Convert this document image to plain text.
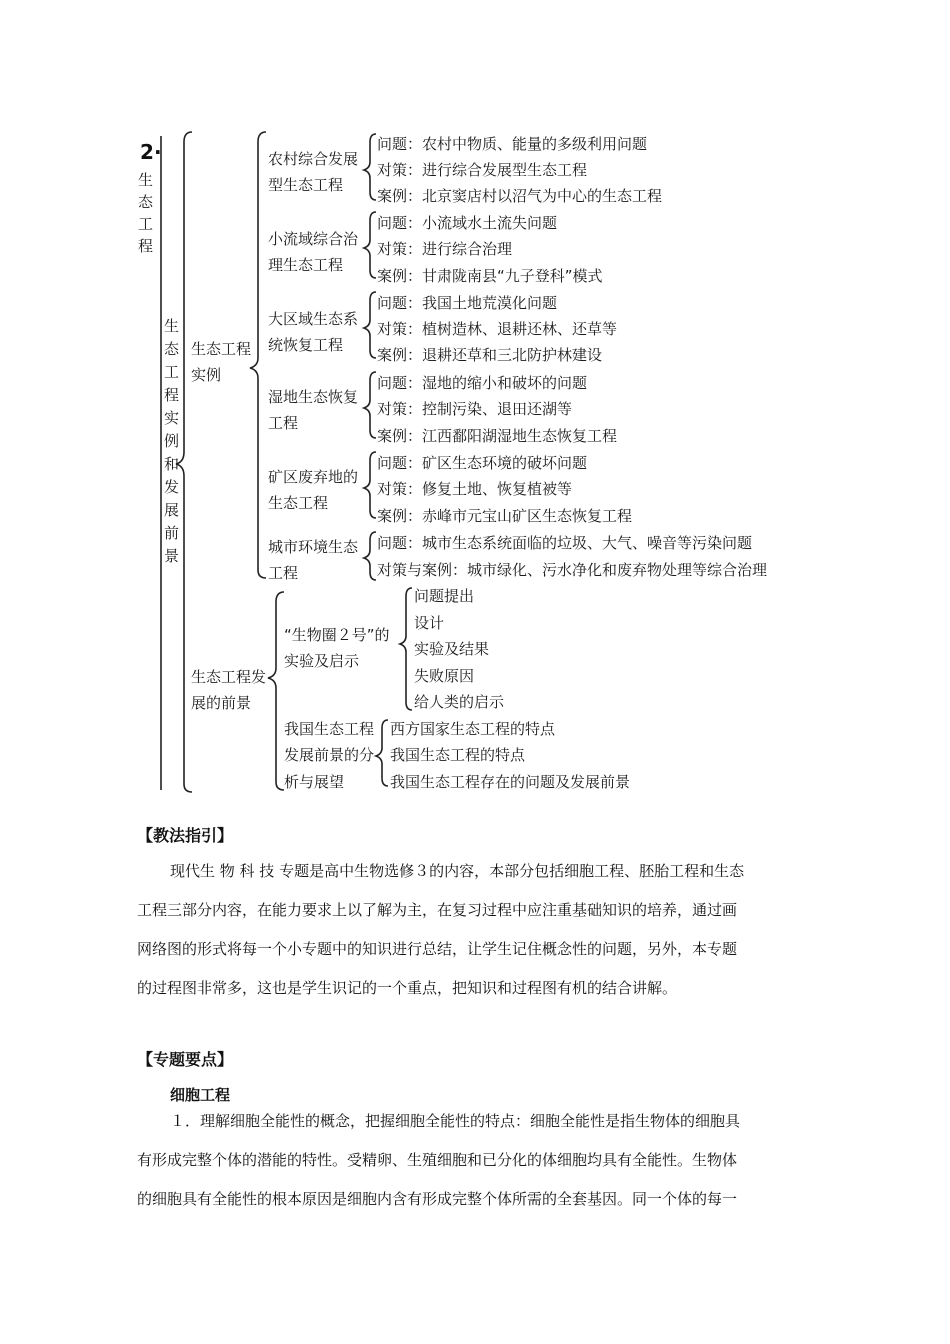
2 ·
生态工程
生态工程实例和发展前景 生态工程实例
生态工程发展的前景
农村综合发展型生态工程
小流域综合治理生态工程
大区域生态系统恢复工程
湿地生态恢复工程
矿区废弃地的生态工程
城市环境生态工程
问题：农村中物质、能量的多级利用问题
对策：进行综合发展型生态工程
案例：北京窦店村以沼气为中心的生态工程
问题：小流域水土流失问题
对策：进行综合治理
案例：甘肃陇南县“九子登科”模式
问题：我国土地荒漠化问题
对策：植树造林、退耕还林、还草等
案例：退耕还草和三北防护林建设
问题：湿地的缩小和破坏的问题
对策：控制污染、退田还湖等
案例：江西鄱阳湖湿地生态恢复工程
问题：矿区生态环境的破坏问题
对策：修复土地、恢复植被等
案例：赤峰市元宝山矿区生态恢复工程
问题：城市生态系统面临的垃圾、大气、噪音等污染问题
对策与案例：城市绿化、污水净化和废弃物处理等综合治理
“生物圈２号”的
实验及启示
问题提出
设计
实验及结果
失败原因
给人类的启示
我国生态工程
发展前景的分
析与展望
西方国家生态工程的特点
我国生态工程的特点
我国生态工程存在的问题及发展前景
【教法指引】
现代生 物 科 技 专题是高中生物选修３的内容，本部分包括细胞工程、胚胎工程和生态
工程三部分内容，在能力要求上以了解为主，在复习过程中应注重基础知识的培养，通过画
网络图的形式将每一个小专题中的知识进行总结，让学生记住概念性的问题，另外，本专题
的过程图非常多，这也是学生识记的一个重点，把知识和过程图有机的结合讲解。
【专题要点】
细胞工程
１．理解细胞全能性的概念，把握细胞全能性的特点：细胞全能性是指生物体的细胞具
有形成完整个体的潜能的特性。受精卵、生殖细胞和已分化的体细胞均具有全能性。生物体
的细胞具有全能性的根本原因是细胞内含有形成完整个体所需的全套基因。同一个体的每一
